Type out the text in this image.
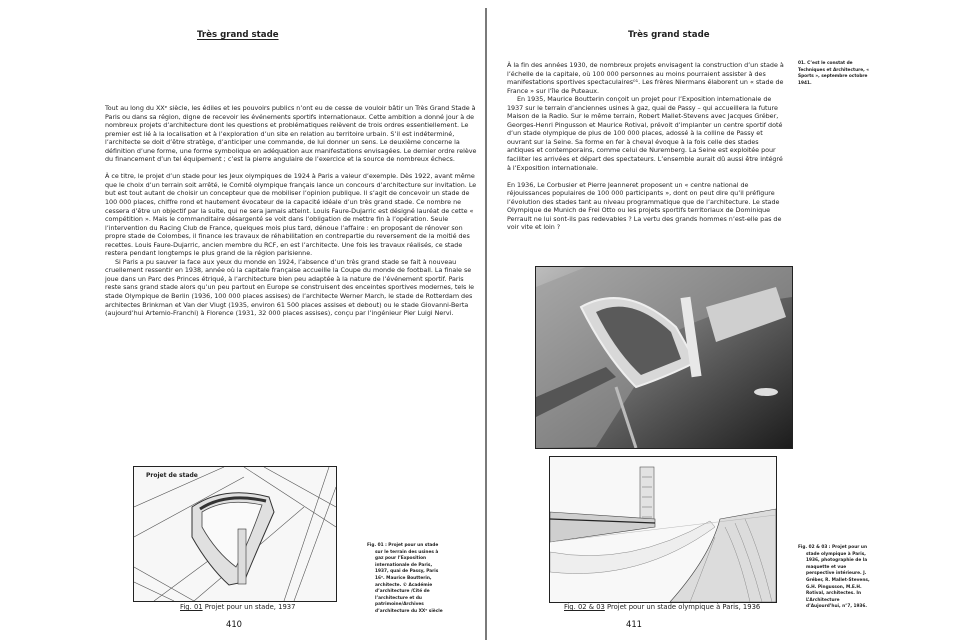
Très grand stade

Tout au long du XXᵉ siècle, les édiles et les pouvoirs publics n’ont eu de cesse de vouloir bâtir un Très Grand Stade à Paris ou dans sa région, digne de recevoir les événements sportifs internationaux. Cette ambition a donné jour à de nombreux projets d’architecture dont les questions et problématiques relèvent de trois ordres essentiellement. Le premier est lié à la localisation et à l’exploration d’un site en relation au territoire urbain. S’il est indéterminé, l’architecte se doit d’être stratège, d’anticiper une commande, de lui donner un sens. Le deuxième concerne la définition d’une forme, une forme symbolique en adéquation aux manifestations envisagées. Le dernier ordre relève du financement d’un tel équipement ; c’est la pierre angulaire de l’exercice et la source de nombreux échecs.

À ce titre, le projet d’un stade pour les Jeux olympiques de 1924 à Paris a valeur d’exemple. Dès 1922, avant même que le choix d’un terrain soit arrêté, le Comité olympique français lance un concours d’architecture sur invitation. Le but est tout autant de choisir un concepteur que de mobiliser l’opinion publique. Il s’agit de concevoir un stade de 100 000 places, chiffre rond et hautement évocateur de la capacité idéale d’un très grand stade. Ce nombre ne cessera d’être un objectif par la suite, qui ne sera jamais atteint. Louis Faure-Dujarric est désigné lauréat de cette « compétition ». Mais le commanditaire désargenté se voit dans l’obligation de mettre fin à l’opération. Seule l’intervention du Racing Club de France, quelques mois plus tard, dénoue l’affaire : en proposant de rénover son propre stade de Colombes, il finance les travaux de réhabilitation en contrepartie du reversement de la moitié des recettes. Louis Faure-Dujarric, ancien membre du RCF, en est l’architecte. Une fois les travaux réalisés, ce stade restera pendant longtemps le plus grand de la région parisienne.

Si Paris a pu sauver la face aux yeux du monde en 1924, l’absence d’un très grand stade se fait à nouveau cruellement ressentir en 1938, année où la capitale française accueille la Coupe du monde de football. La finale se joue dans un Parc des Princes étriqué, à l’architecture bien peu adaptée à la nature de l’événement sportif. Paris reste sans grand stade alors qu’un peu partout en Europe se construisent des enceintes sportives modernes, tels le stade Olympique de Berlin (1936, 100 000 places assises) de l’architecte Werner March, le stade de Rotterdam des architectes Brinkman et Van der Vlugt (1935, environ 61 500 places assises et debout) ou le stade Giovanni-Berta (aujourd’hui Artemio-Franchi) à Florence (1931, 32 000 places assises), conçu par l’ingénieur Pier Luigi Nervi.

Projet de stade
Fig. 01 Projet pour un stade, 1937
Fig. 01 : Projet pour un stade sur le terrain des usines à gaz pour l’Exposition internationale de Paris, 1937, quai de Passy, Paris 16ᵉ. Maurice Boutterin, architecte. © Académie d’architecture /Cité de l’architecture et du patrimoine/Archives d’architecture du XXᵉ siècle
410
Très grand stade

À la fin des années 1930, de nombreux projets envisagent la construction d’un stade à l’échelle de la capitale, où 100 000 personnes au moins pourraient assister à des manifestations sportives spectaculaires⁰¹. Les frères Niermans élaborent un « stade de France » sur l’île de Puteaux.

En 1935, Maurice Boutterin conçoit un projet pour l’Exposition internationale de 1937 sur le terrain d’anciennes usines à gaz, quai de Passy – qui accueillera la future Maison de la Radio. Sur le même terrain, Robert Mallet-Stevens avec Jacques Gréber, Georges-Henri Pingusson et Maurice Rotival, prévoit d’implanter un centre sportif doté d’un stade olympique de plus de 100 000 places, adossé à la colline de Passy et ouvrant sur la Seine. Sa forme en fer à cheval évoque à la fois celle des stades antiques et contemporains, comme celui de Nuremberg. La Seine est exploitée pour faciliter les arrivées et départ des spectateurs. L’ensemble aurait dû aussi être intégré à l’Exposition internationale.

En 1936, Le Corbusier et Pierre Jeanneret proposent un « centre national de réjouissances populaires de 100 000 participants », dont on peut dire qu’il préfigure l’évolution des stades tant au niveau programmatique que de l’architecture. Le stade Olympique de Munich de Frei Otto ou les projets sportifs territoriaux de Dominique Perrault ne lui sont-ils pas redevables ? La vertu des grands hommes n’est-elle pas de voir vite et loin ?

01. C’est le constat de Techniques et Architecture, « Sports », septembre octobre 1941.
Fig. 02 & 03 Projet pour un stade olympique à Paris, 1936
Fig. 02 & 03 : Projet pour un stade olympique à Paris, 1936, photographie de la maquette et vue perspective intérieure. J. Gréber, R. Mallet-Stevens, G.H. Pingusson, M.E.H. Rotival, architectes. In L’Architecture d’Aujourd’hui, n°7, 1936.
411
